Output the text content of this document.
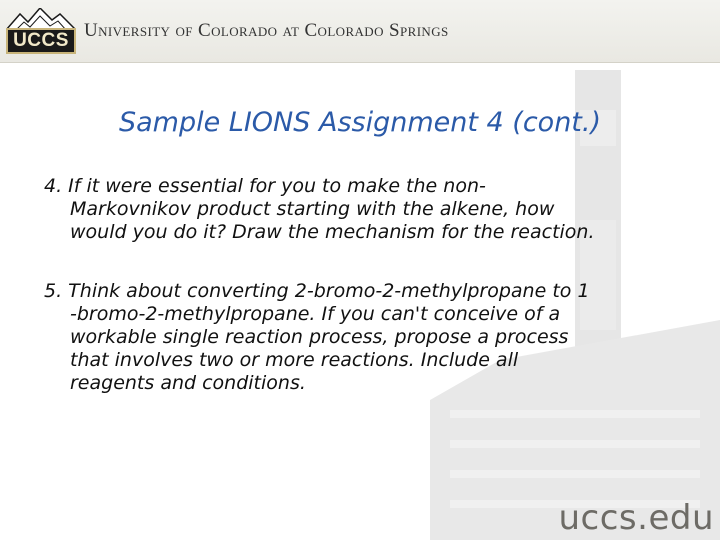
UCCS University of Colorado at Colorado Springs
Sample LIONS Assignment 4 (cont.)
4. If it were essential for you to make the non-
Markovnikov product starting with the alkene, how
would you do it? Draw the mechanism for the reaction.
5. Think about converting 2-bromo-2-methylpropane to 1
-bromo-2-methylpropane. If you can't conceive of a
workable single reaction process, propose a process
that involves two or more reactions. Include all
reagents and conditions.
uccs.edu
